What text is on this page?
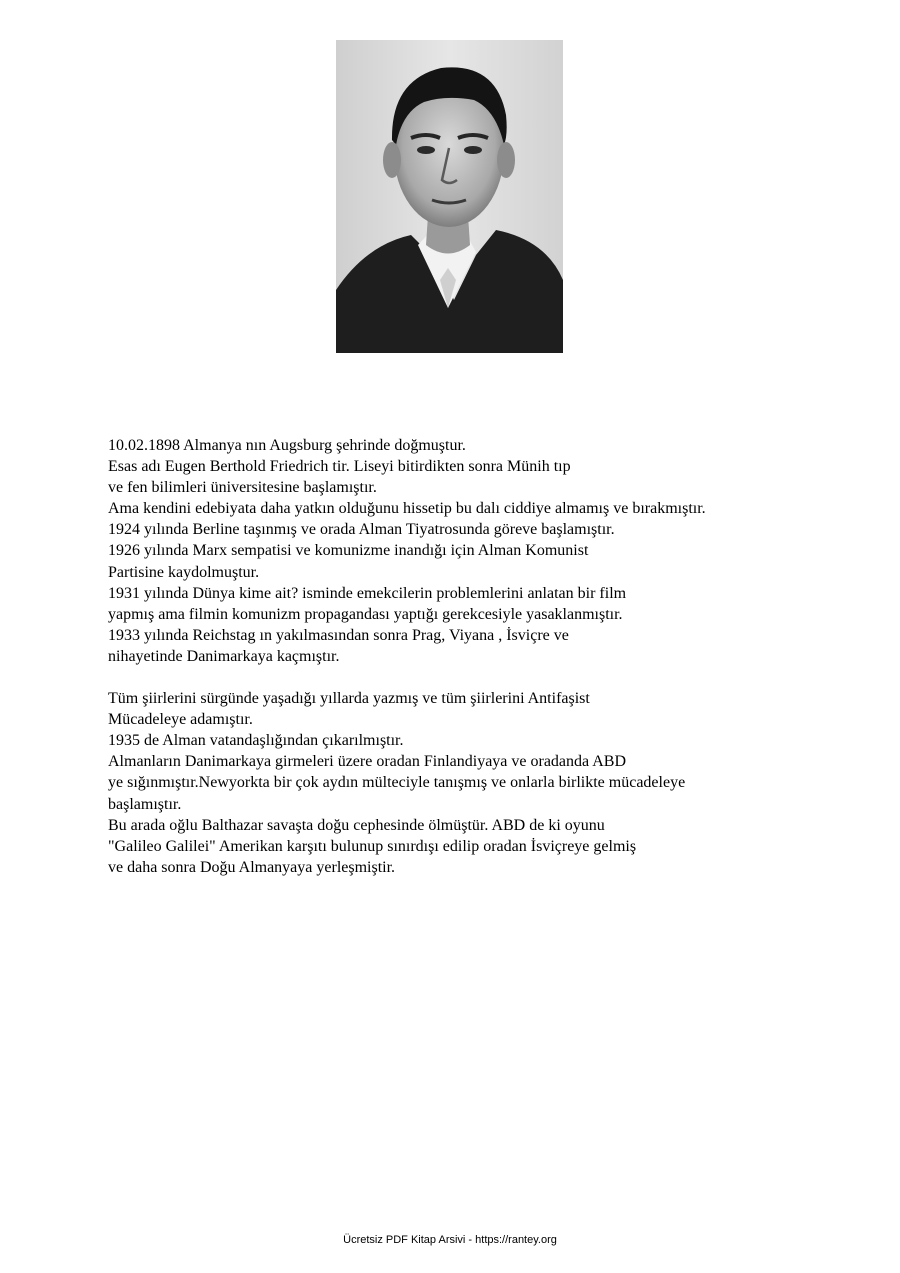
10.02.1898 Almanya nın Augsburg şehrinde doğmuştur.
Esas adı Eugen Berthold Friedrich tir. Liseyi bitirdikten sonra Münih tıp
ve fen bilimleri üniversitesine başlamıştır.
Ama kendini edebiyata daha yatkın olduğunu hissetip bu dalı ciddiye almamış ve bırakmıştır.
1924 yılında Berline taşınmış ve orada Alman Tiyatrosunda göreve başlamıştır.
1926 yılında Marx sempatisi ve komunizme inandığı için Alman Komunist
Partisine kaydolmuştur.
1931 yılında Dünya kime ait? isminde emekcilerin problemlerini anlatan bir film
yapmış ama filmin komunizm propagandası yaptığı gerekcesiyle yasaklanmıştır.
1933 yılında Reichstag ın yakılmasından sonra Prag, Viyana , İsviçre ve
nihayetinde Danimarkaya kaçmıştır.
Tüm şiirlerini sürgünde yaşadığı yıllarda yazmış ve tüm şiirlerini Antifaşist
Mücadeleye adamıştır.
1935 de Alman vatandaşlığından çıkarılmıştır.
Almanların Danimarkaya girmeleri üzere oradan Finlandiyaya ve oradanda ABD
ye sığınmıştır.Newyorkta bir çok aydın mülteciyle tanışmış ve onlarla birlikte mücadeleye
başlamıştır.
Bu arada oğlu Balthazar savaşta doğu cephesinde ölmüştür. ABD de ki oyunu
"Galileo Galilei" Amerikan karşıtı bulunup sınırdışı edilip oradan İsviçreye gelmiş
ve daha sonra Doğu Almanyaya yerleşmiştir.
Ücretsiz PDF Kitap Arsivi - https://rantey.org
